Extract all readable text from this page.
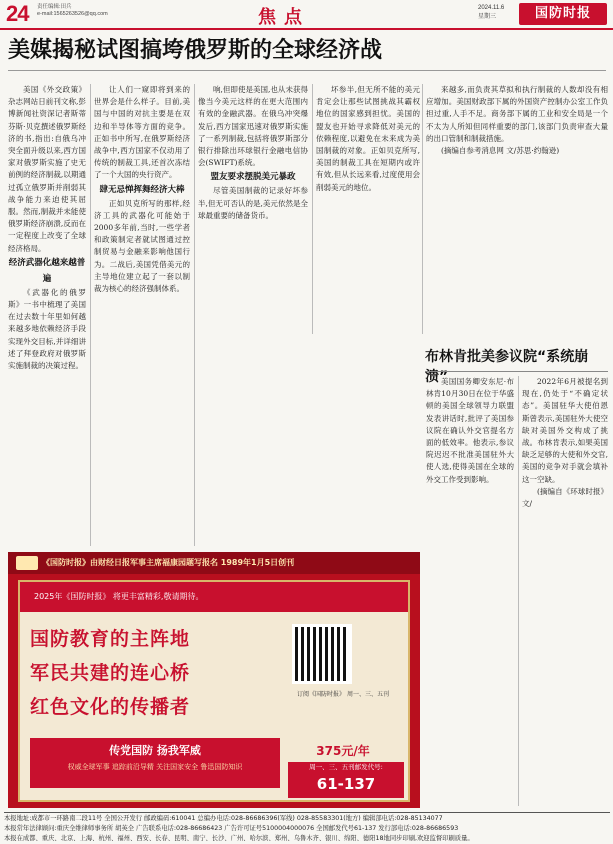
24 责任编辑:田兵
e-mail:1565263526@qq.com	焦点	2024.11.6
星期三	国防时报
美媒揭秘试图搞垮俄罗斯的全球经济战

美国《外交政策》杂志网站日前刊文称,彭博新闻社资深记者斯蒂芬斯·贝克撰述俄罗斯经济的书,指出:自俄乌冲突全面升级以来,西方国家对俄罗斯实施了史无前例的经济制裁,以期通过孤立俄罗斯并削弱其战争能力来迫使其屈服。然而,制裁并未能使俄罗斯经济崩溃,反而在一定程度上改变了全球经济格局。

经济武器化越来越普遍

《武器化的俄罗斯》一书中梳理了美国在过去数十年里如何越来越多地依赖经济手段实现外交目标,并详细讲述了拜登政府对俄罗斯实施制裁的决策过程。

让人们一窥即将到来的世界会是什么样子。目前,美国与中国的对抗主要是在双边和半导体等方面的竞争。正如书中所写,在俄罗斯经济战争中,西方国家不仅动用了传统的制裁工具,还首次冻结了一个大国的央行资产。

肆无忌惮挥舞经济大棒

正如贝克所写的那样,经济工具的武器化可能始于2000多年前,当时,一些学者和政策制定者就试图通过控制贸易与金融来影响他国行为。二战后,美国凭借美元的主导地位建立起了一套以制裁为核心的经济强制体系。

响,但即使是美国,也从未获得像当今美元这样的在更大范围内有效的金融武器。在俄乌冲突爆发后,西方国家迅速对俄罗斯实施了一系列制裁,包括将俄罗斯部分银行排除出环球银行金融电信协会(SWIFT)系统。

盟友要求摆脱美元暴政

尽管美国制裁的记录好坏参半,但无可否认的是,美元依然是全球最重要的储备货币。

坏参半,但无所不能的美元肯定会让那些试图挑战其霸权地位的国家感到担忧。美国的盟友也开始寻求降低对美元的依赖程度,以避免在未来成为美国制裁的对象。正如贝克所写,美国的制裁工具在短期内或许有效,但从长远来看,过度使用会削弱美元的地位。

来越多,而负责其草拟和执行制裁的人数却没有相应增加。美国财政部下属的外国资产控制办公室工作负担过重,人手不足。商务部下属的工业和安全局是一个不太为人所知但同样重要的部门,该部门负责审查大量的出口管制和制裁措施。

(摘编自参考消息网 文/苏思·约翰逊)

布林肯批美参议院“系统崩溃”

美国国务卿安东尼·布林肯10月30日在位于华盛顿的美国全球领导力联盟发表讲话时,批评了美国参议院在确认外交官提名方面的低效率。他表示,参议院迟迟不批准美国驻外大使人选,使得美国在全球的外交工作受到影响。

2022年6月被提名到现在,仍处于“不确定状态”。美国驻华大使伯恩斯曾表示,美国驻外大使空缺对美国外交构成了挑战。布林肯表示,如果美国缺乏足够的大使和外交官,美国的竞争对手就会填补这一空缺。

(摘编自《环球时报》 文/

《国防时报》由财经日报军事主席福康园题写报名 1989年1月5日创刊
2025年《国防时报》 将更丰富精彩,敬请期待。
国防教育的主阵地
军民共建的连心桥
红色文化的传播者
传党国防 扬我军威
权威全球军事 追踪前沿导精 关注国家安全 鲁迅国防知识
订阅《国防时报》 周一、三、五刊
375元/年
周一、三、五刊邮发代号:
61-137
本报地址:成都市一环路南二段11号 全国公开发行 邮政编码:610041 总编办电话:028-86686396(军线) 028-85583301(地方) 编辑部电话:028-85134077
本报常年法律顾问:重庆全维律师事务所 胡英全 广告联系电话:028-86686423 广告许可证号5100004000076 全国邮发代号61-137 发行部电话:028-86686593
本报在成都、重庆、北京、上海、杭州、福州、西安、长春、昆明、南宁、长沙、广州、哈尔滨、郑州、乌鲁木齐、银川、绵阳、德阳18地同步印刷,欢迎监督印刷质量。
